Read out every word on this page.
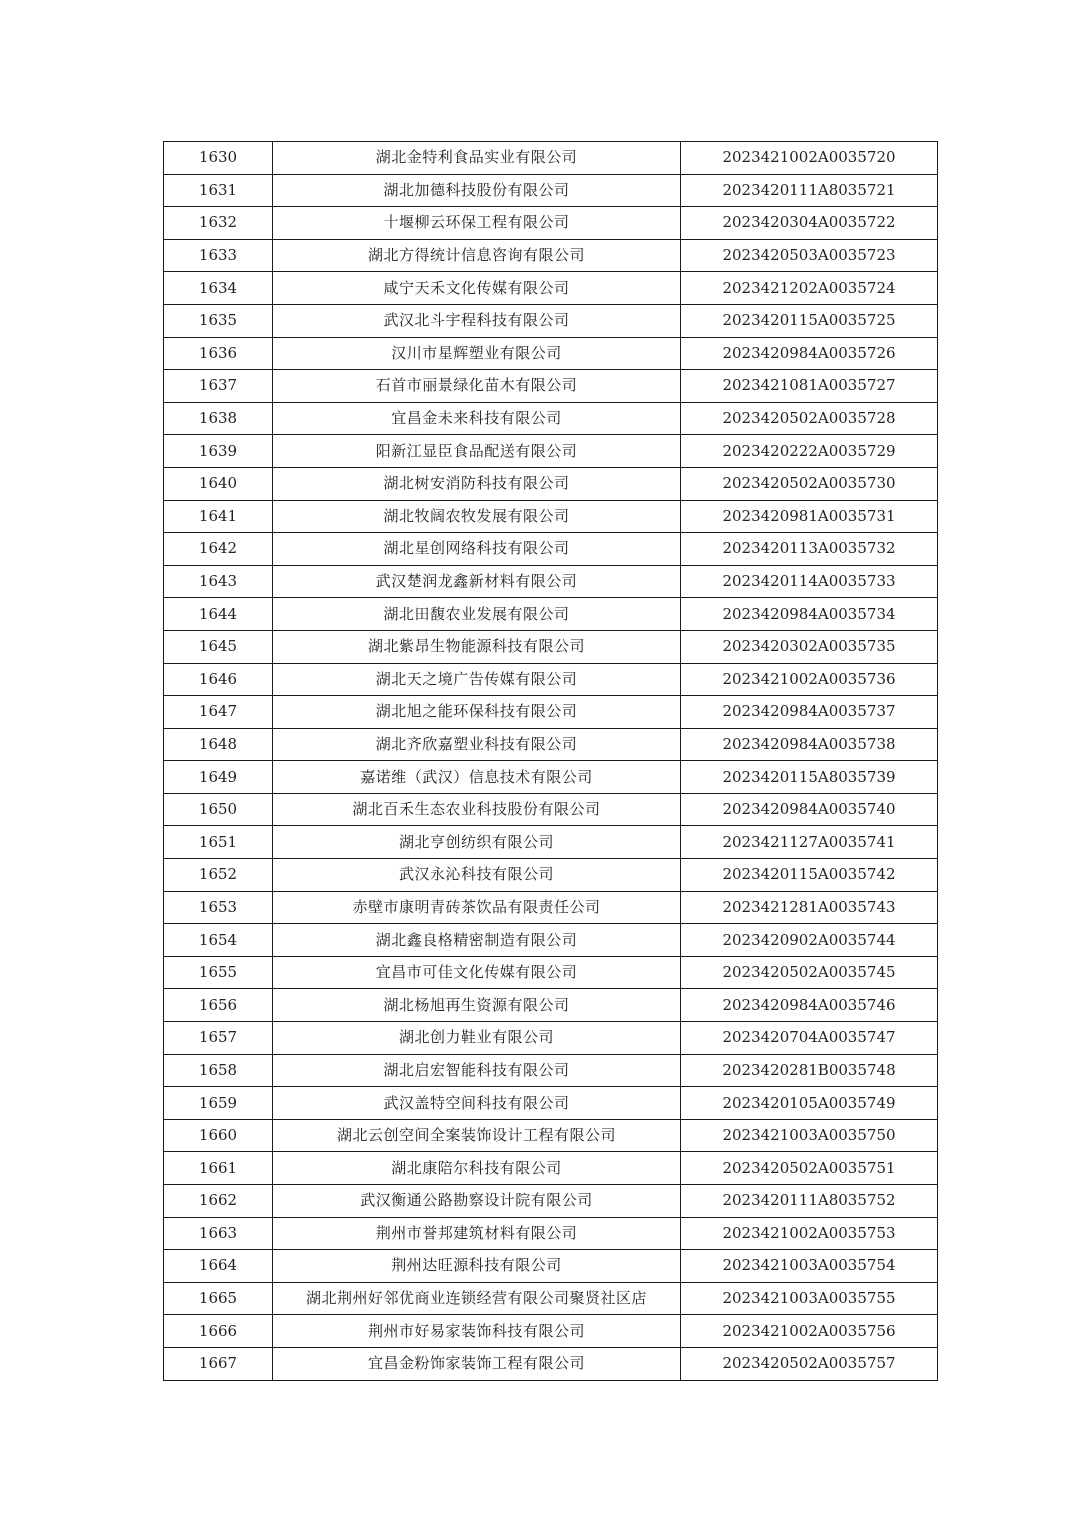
1630	湖北金特利食品实业有限公司	2023421002A0035720
1631	湖北加德科技股份有限公司	2023420111A8035721
1632	十堰柳云环保工程有限公司	2023420304A0035722
1633	湖北方得统计信息咨询有限公司	2023420503A0035723
1634	咸宁天禾文化传媒有限公司	2023421202A0035724
1635	武汉北斗宇程科技有限公司	2023420115A0035725
1636	汉川市星辉塑业有限公司	2023420984A0035726
1637	石首市丽景绿化苗木有限公司	2023421081A0035727
1638	宜昌金未来科技有限公司	2023420502A0035728
1639	阳新江显臣食品配送有限公司	2023420222A0035729
1640	湖北树安消防科技有限公司	2023420502A0035730
1641	湖北牧阔农牧发展有限公司	2023420981A0035731
1642	湖北星创网络科技有限公司	2023420113A0035732
1643	武汉楚润龙鑫新材料有限公司	2023420114A0035733
1644	湖北田馥农业发展有限公司	2023420984A0035734
1645	湖北紫昂生物能源科技有限公司	2023420302A0035735
1646	湖北天之境广告传媒有限公司	2023421002A0035736
1647	湖北旭之能环保科技有限公司	2023420984A0035737
1648	湖北齐欣嘉塑业科技有限公司	2023420984A0035738
1649	嘉诺维（武汉）信息技术有限公司	2023420115A8035739
1650	湖北百禾生态农业科技股份有限公司	2023420984A0035740
1651	湖北亨创纺织有限公司	2023421127A0035741
1652	武汉永沁科技有限公司	2023420115A0035742
1653	赤壁市康明青砖茶饮品有限责任公司	2023421281A0035743
1654	湖北鑫良格精密制造有限公司	2023420902A0035744
1655	宜昌市可佳文化传媒有限公司	2023420502A0035745
1656	湖北杨旭再生资源有限公司	2023420984A0035746
1657	湖北创力鞋业有限公司	2023420704A0035747
1658	湖北启宏智能科技有限公司	2023420281B0035748
1659	武汉盖特空间科技有限公司	2023420105A0035749
1660	湖北云创空间全案装饰设计工程有限公司	2023421003A0035750
1661	湖北康陪尔科技有限公司	2023420502A0035751
1662	武汉衡通公路勘察设计院有限公司	2023420111A8035752
1663	荆州市誉邦建筑材料有限公司	2023421002A0035753
1664	荆州达旺源科技有限公司	2023421003A0035754
1665	湖北荆州好邻优商业连锁经营有限公司聚贤社区店	2023421003A0035755
1666	荆州市好易家装饰科技有限公司	2023421002A0035756
1667	宜昌金粉饰家装饰工程有限公司	2023420502A0035757
